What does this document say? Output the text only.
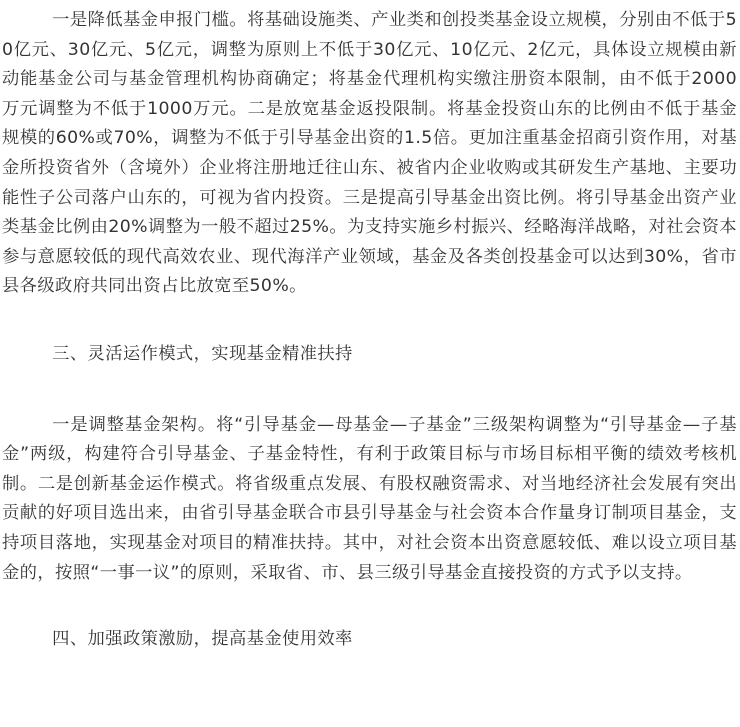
一是降低基金申报门槛。将基础设施类、产业类和创投类基金设立规模，分别由不低于50亿元、30亿元、5亿元，调整为原则上不低于30亿元、10亿元、2亿元，具体设立规模由新动能基金公司与基金管理机构协商确定；将基金代理机构实缴注册资本限制，由不低于2000万元调整为不低于1000万元。二是放宽基金返投限制。将基金投资山东的比例由不低于基金规模的60%或70%，调整为不低于引导基金出资的1.5倍。更加注重基金招商引资作用，对基金所投资省外（含境外）企业将注册地迁往山东、被省内企业收购或其研发生产基地、主要功能性子公司落户山东的，可视为省内投资。三是提高引导基金出资比例。将引导基金出资产业类基金比例由20%调整为一般不超过25%。为支持实施乡村振兴、经略海洋战略，对社会资本参与意愿较低的现代高效农业、现代海洋产业领域，基金及各类创投基金可以达到30%，省市县各级政府共同出资占比放宽至50%。

三、灵活运作模式，实现基金精准扶持

一是调整基金架构。将“引导基金—母基金—子基金”三级架构调整为“引导基金—子基金”两级，构建符合引导基金、子基金特性，有利于政策目标与市场目标相平衡的绩效考核机制。二是创新基金运作模式。将省级重点发展、有股权融资需求、对当地经济社会发展有突出贡献的好项目选出来，由省引导基金联合市县引导基金与社会资本合作量身订制项目基金，支持项目落地，实现基金对项目的精准扶持。其中，对社会资本出资意愿较低、难以设立项目基金的，按照“一事一议”的原则，采取省、市、县三级引导基金直接投资的方式予以支持。

四、加强政策激励，提高基金使用效率
